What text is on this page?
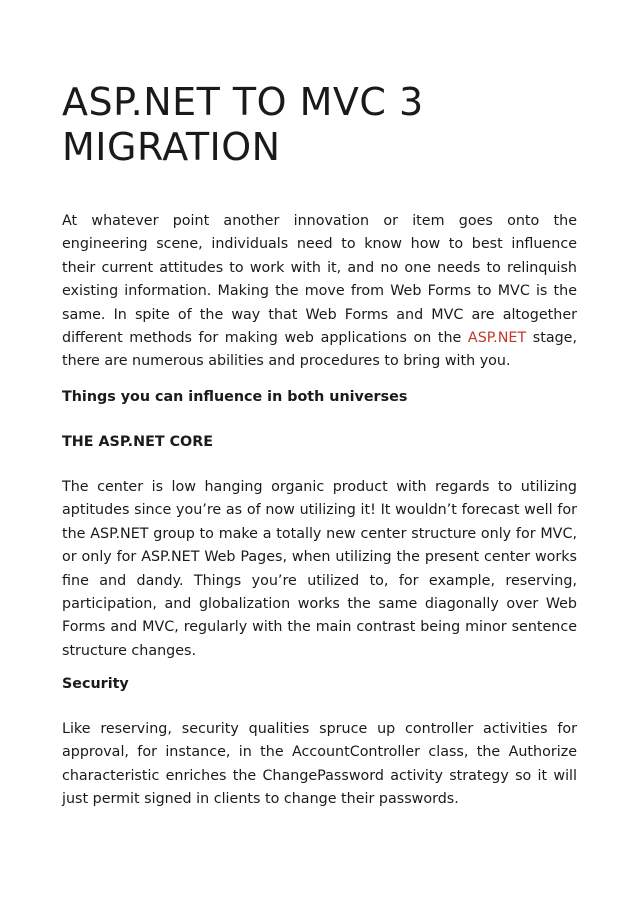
ASP.NET TO MVC 3 MIGRATION

At whatever point another innovation or item goes onto the engineering scene, individuals need to know how to best influence their current attitudes to work with it, and no one needs to relinquish existing information. Making the move from Web Forms to MVC is the same. In spite of the way that Web Forms and MVC are altogether different methods for making web applications on the ASP.NET stage, there are numerous abilities and procedures to bring with you.

Things you can influence in both universes
THE ASP.NET CORE

The center is low hanging organic product with regards to utilizing aptitudes since you’re as of now utilizing it! It wouldn’t forecast well for the ASP.NET group to make a totally new center structure only for MVC, or only for ASP.NET Web Pages, when utilizing the present center works fine and dandy. Things you’re utilized to, for example, reserving, participation, and globalization works the same diagonally over Web Forms and MVC, regularly with the main contrast being minor sentence structure changes.

Security

Like reserving, security qualities spruce up controller activities for approval, for instance, in the AccountController class, the Authorize characteristic enriches the ChangePassword activity strategy so it will just permit signed in clients to change their passwords.
